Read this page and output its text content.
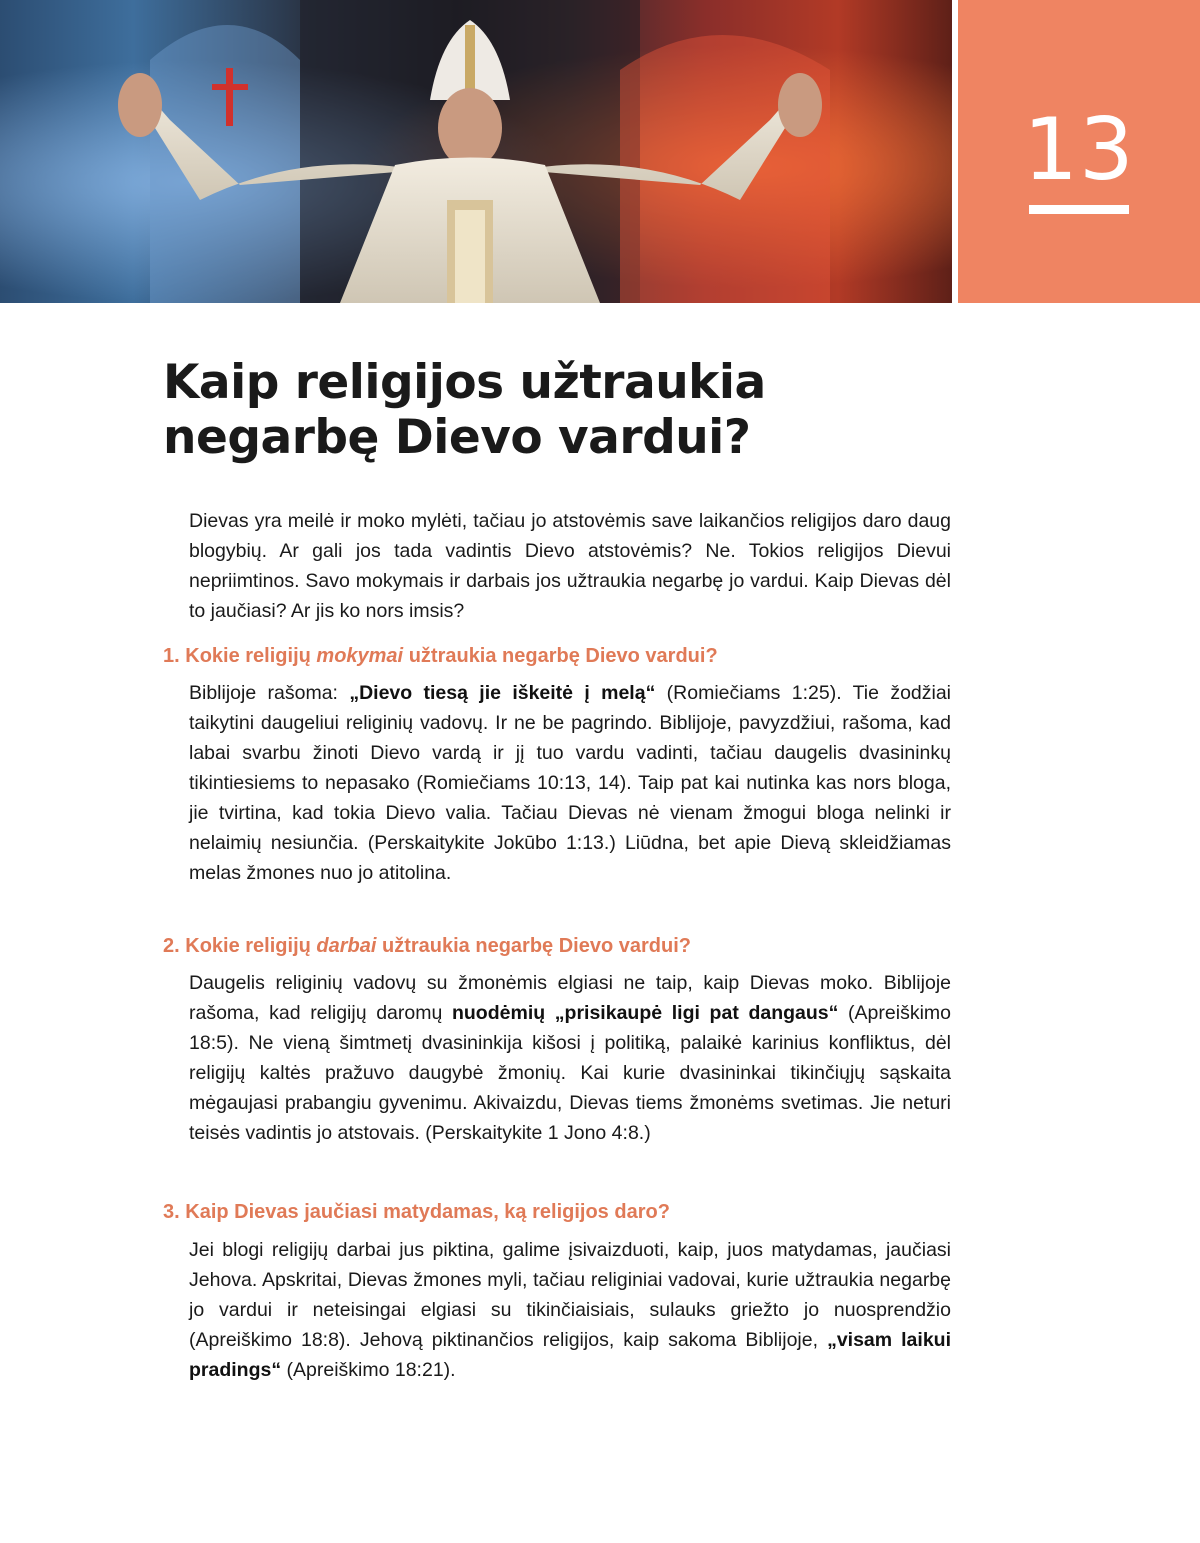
13
Kaip religijos užtraukia
negarbę Dievo vardui?

Dievas yra meilė ir moko mylėti, tačiau jo atstovėmis save laikančios religijos daro daug blogybių. Ar gali jos tada vadintis Dievo atstovėmis? Ne. Tokios religijos Dievui nepriimtinos. Savo mokymais ir darbais jos užtraukia negarbę jo vardui. Kaip Dievas dėl to jaučiasi? Ar jis ko nors imsis?

1. Kokie religijų mokymai užtraukia negarbę Dievo vardui?

Biblijoje rašoma: „Dievo tiesą jie iškeitė į melą“ (Romiečiams 1:25). Tie žodžiai taikytini daugeliui religinių vadovų. Ir ne be pagrindo. Biblijoje, pavyzdžiui, rašoma, kad labai svarbu žinoti Dievo vardą ir jį tuo vardu vadinti, tačiau daugelis dvasininkų tikintiesiems to nepasako (Romiečiams 10:13, 14). Taip pat kai nutinka kas nors bloga, jie tvirtina, kad tokia Dievo valia. Tačiau Dievas nė vienam žmogui bloga nelinki ir nelaimių nesiunčia. (Perskaitykite Jokūbo 1:13.) Liūdna, bet apie Dievą skleidžiamas melas žmones nuo jo atitolina.

2. Kokie religijų darbai užtraukia negarbę Dievo vardui?

Daugelis religinių vadovų su žmonėmis elgiasi ne taip, kaip Dievas moko. Biblijoje rašoma, kad religijų daromų nuodėmių „prisikaupė ligi pat dangaus“ (Apreiškimo 18:5). Ne vieną šimtmetį dvasininkija kišosi į politiką, palaikė karinius konfliktus, dėl religijų kaltės pražuvo daugybė žmonių. Kai kurie dvasininkai tikinčiųjų sąskaita mėgaujasi prabangiu gyvenimu. Akivaizdu, Dievas tiems žmonėms svetimas. Jie neturi teisės vadintis jo atstovais. (Perskaitykite 1 Jono 4:8.)

3. Kaip Dievas jaučiasi matydamas, ką religijos daro?

Jei blogi religijų darbai jus piktina, galime įsivaizduoti, kaip, juos matydamas, jaučiasi Jehova. Apskritai, Dievas žmones myli, tačiau religiniai vadovai, kurie užtraukia negarbę jo vardui ir neteisingai elgiasi su tikinčiaisiais, sulauks griežto jo nuosprendžio (Apreiškimo 18:8). Jehovą piktinančios religijos, kaip sakoma Biblijoje, „visam laikui pradings“ (Apreiškimo 18:21).
